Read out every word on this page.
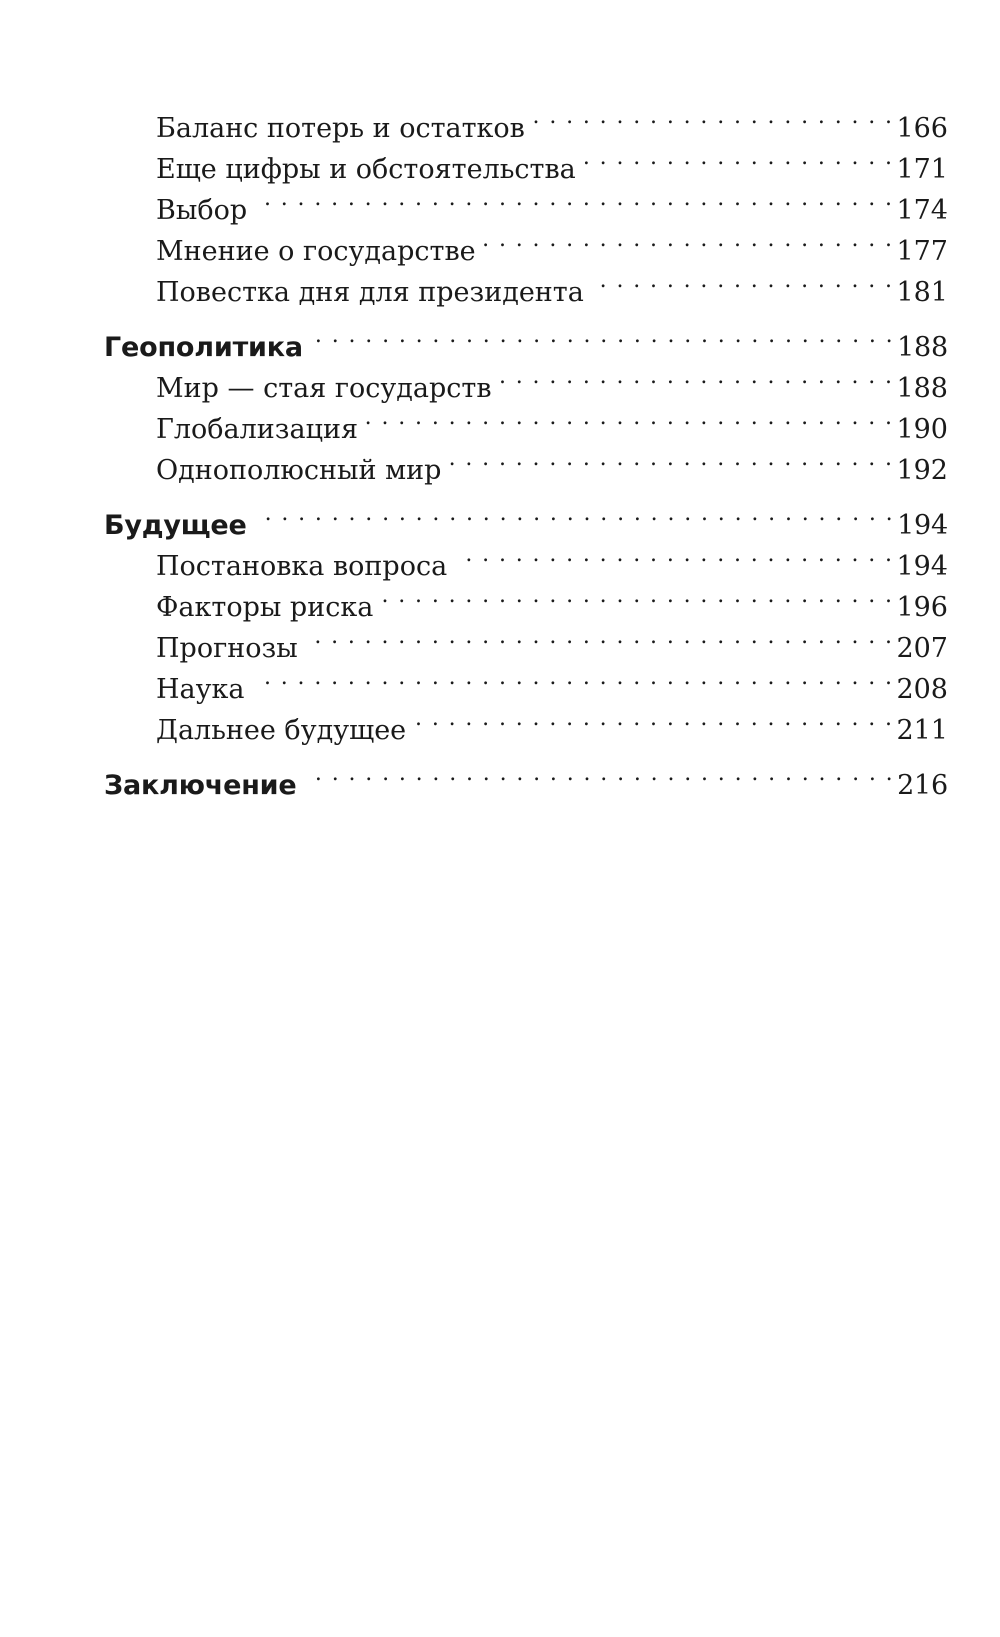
Баланс потерь и остатков . . .	166
Еще цифры и обстоятельства . . .	171
Выбор . . .	174
Мнение о государстве . . .	177
Повестка дня для президента . . .	181
Геополитика . . .	188
Мир — стая государств . . .	188
Глобализация . . .	190
Однополюсный мир . . .	192
Будущее . . .	194
Постановка вопроса . . .	194
Факторы риска . . .	196
Прогнозы . . .	207
Наука . . .	208
Дальнее будущее . . .	211
Заключение . . .	216
